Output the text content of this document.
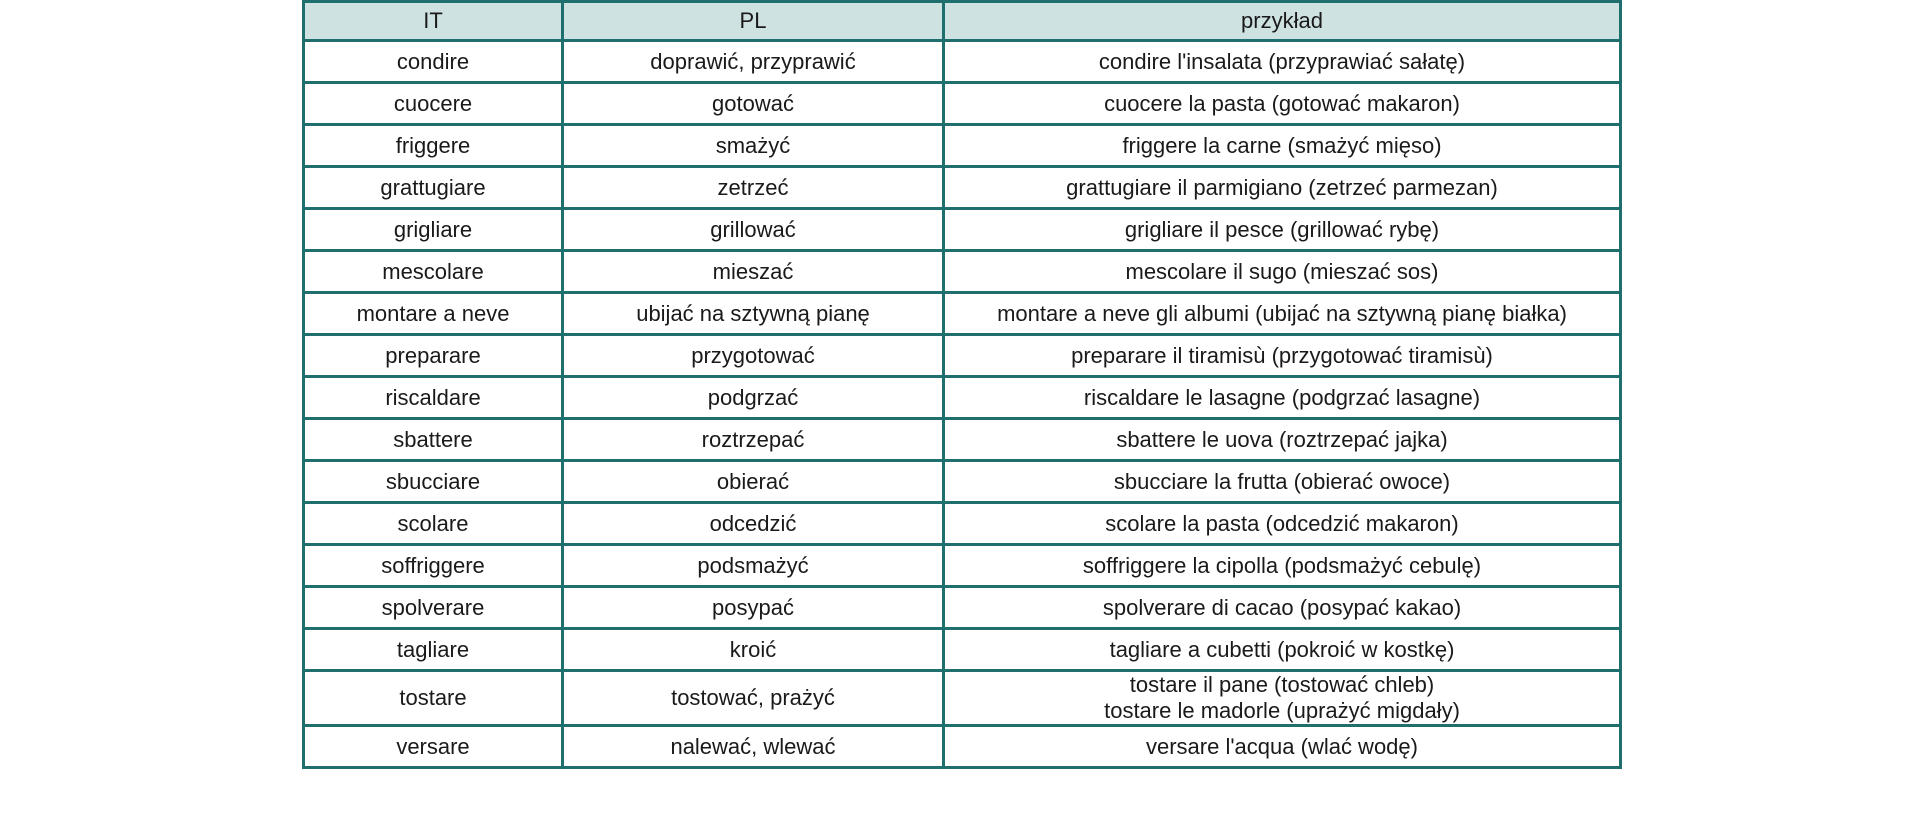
IT	PL	przykład
condire	doprawić, przyprawić	condire l'insalata (przyprawiać sałatę)

cuocere	gotować	cuocere la pasta (gotować makaron)

friggere	smażyć	friggere la carne (smażyć mięso)

grattugiare	zetrzeć	grattugiare il parmigiano (zetrzeć parmezan)

grigliare	grillować	grigliare il pesce (grillować rybę)

mescolare	mieszać	mescolare il sugo (mieszać sos)

montare a neve	ubijać na sztywną pianę	montare a neve gli albumi (ubijać na sztywną pianę białka)

preparare	przygotować	preparare il tiramisù (przygotować tiramisù)

riscaldare	podgrzać	riscaldare le lasagne (podgrzać lasagne)

sbattere	roztrzepać	sbattere le uova (roztrzepać jajka)

sbucciare	obierać	sbucciare la frutta (obierać owoce)

scolare	odcedzić	scolare la pasta (odcedzić makaron)

soffriggere	podsmażyć	soffriggere la cipolla (podsmażyć cebulę)

spolverare	posypać	spolverare di cacao (posypać kakao)

tagliare	kroić	tagliare a cubetti (pokroić w kostkę)

tostare	tostować, prażyć	tostare il pane (tostować chleb)
tostare le madorle (uprażyć migdały)

versare	nalewać, wlewać	versare l'acqua (wlać wodę)
